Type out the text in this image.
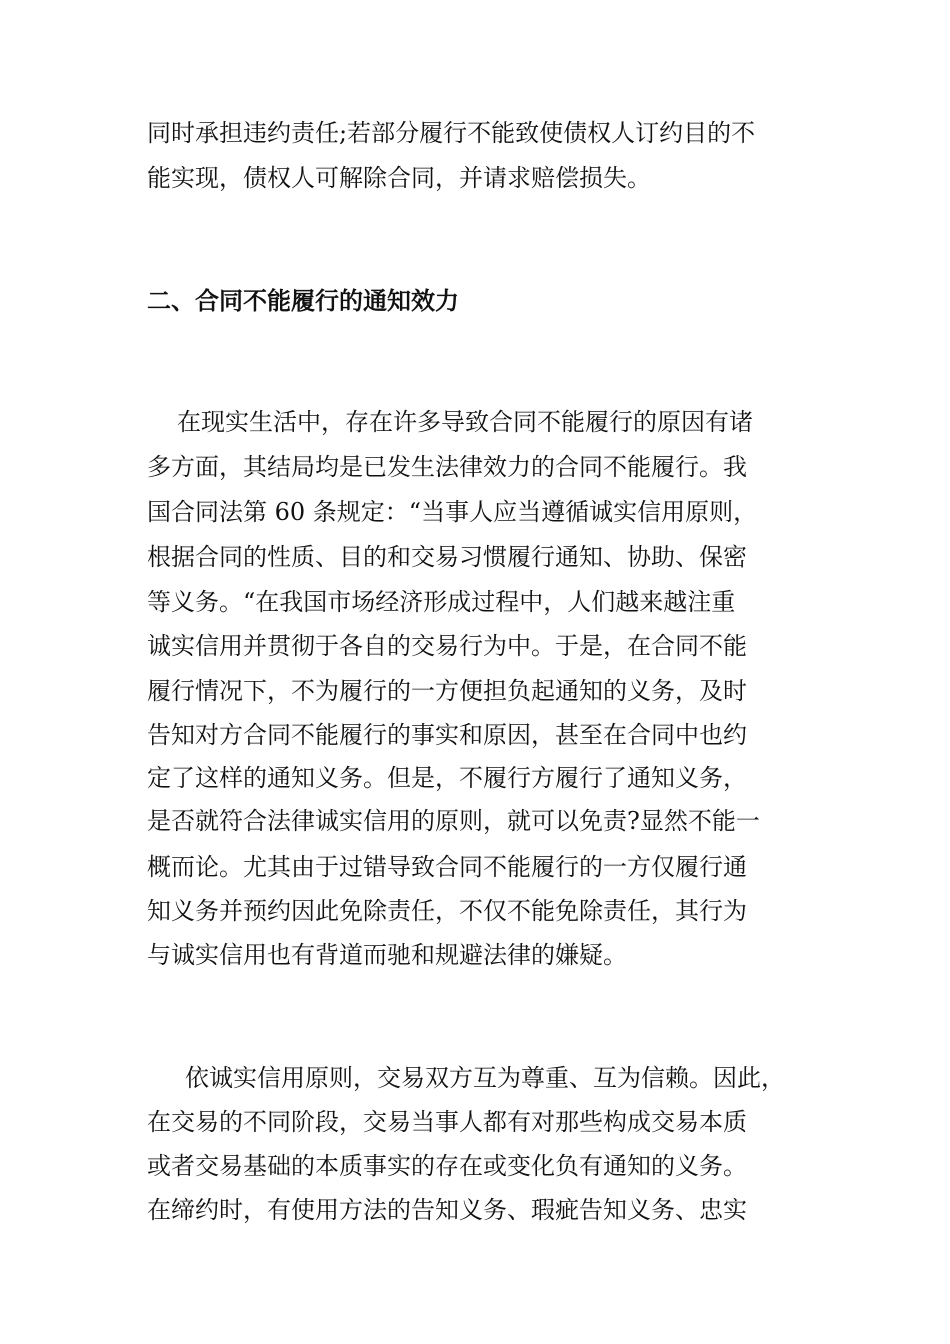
同时承担违约责任;若部分履行不能致使债权人订约目的不
能实现，债权人可解除合同，并请求赔偿损失。
二、合同不能履行的通知效力
在现实生活中，存在许多导致合同不能履行的原因有诸
多方面，其结局均是已发生法律效力的合同不能履行。我
国合同法第 60 条规定：“当事人应当遵循诚实信用原则，
根据合同的性质、目的和交易习惯履行通知、协助、保密
等义务。“在我国市场经济形成过程中，人们越来越注重
诚实信用并贯彻于各自的交易行为中。于是，在合同不能
履行情况下，不为履行的一方便担负起通知的义务，及时
告知对方合同不能履行的事实和原因，甚至在合同中也约
定了这样的通知义务。但是，不履行方履行了通知义务，
是否就符合法律诚实信用的原则，就可以免责?显然不能一
概而论。尤其由于过错导致合同不能履行的一方仅履行通
知义务并预约因此免除责任，不仅不能免除责任，其行为
与诚实信用也有背道而驰和规避法律的嫌疑。
依诚实信用原则，交易双方互为尊重、互为信赖。因此，
在交易的不同阶段，交易当事人都有对那些构成交易本质
或者交易基础的本质事实的存在或变化负有通知的义务。
在缔约时，有使用方法的告知义务、瑕疵告知义务、忠实
